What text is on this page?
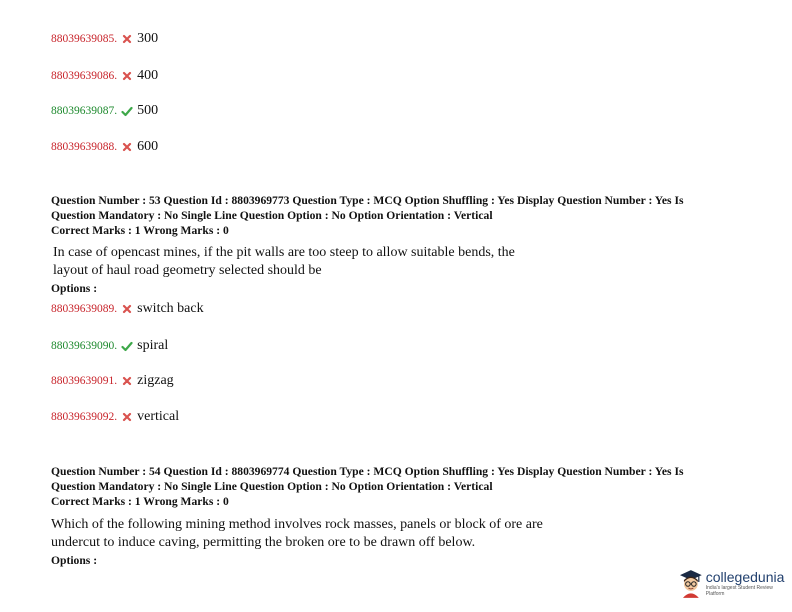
88039639085. 300
88039639086. 400
88039639087. 500
88039639088. 600
Question Number : 53 Question Id : 8803969773 Question Type : MCQ Option Shuffling : Yes Display Question Number : Yes Is
Question Mandatory : No Single Line Question Option : No Option Orientation : Vertical
Correct Marks : 1 Wrong Marks : 0
In case of opencast mines, if the pit walls are too steep to allow suitable bends, the
layout of haul road geometry selected should be
Options :
88039639089. switch back
88039639090. spiral
88039639091. zigzag
88039639092. vertical
Question Number : 54 Question Id : 8803969774 Question Type : MCQ Option Shuffling : Yes Display Question Number : Yes Is
Question Mandatory : No Single Line Question Option : No Option Orientation : Vertical
Correct Marks : 1 Wrong Marks : 0
Which of the following mining method involves rock masses, panels or block of ore are
undercut to induce caving, permitting the broken ore to be drawn off below.
Options :
collegedunia
India's largest Student Review Platform
